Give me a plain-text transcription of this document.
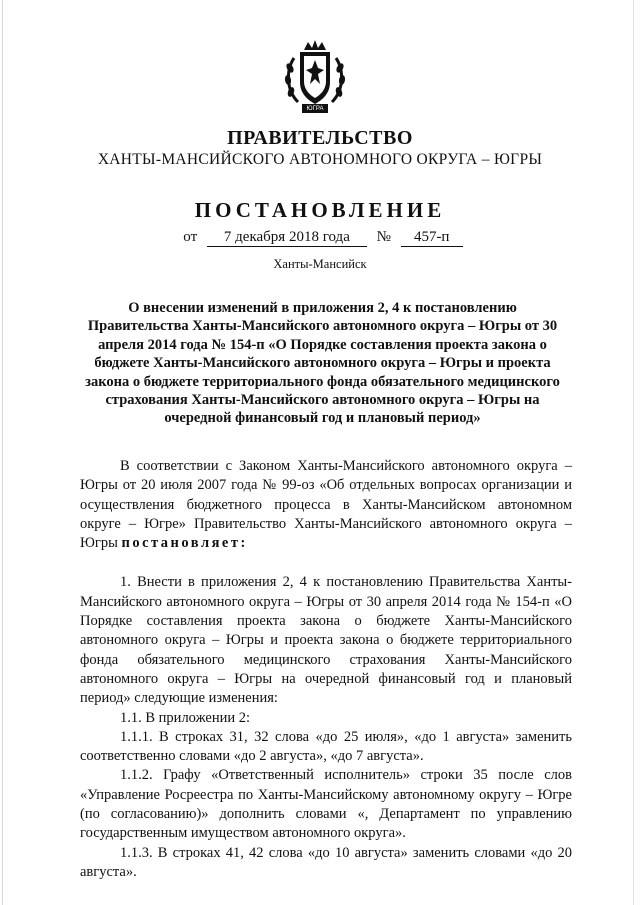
ЮГРА
ПРАВИТЕЛЬСТВО
ХАНТЫ-МАНСИЙСКОГО АВТОНОМНОГО ОКРУГА – ЮГРЫ
ПОСТАНОВЛЕНИЕ
от 7 декабря 2018 года № 457-п
Ханты-Мансийск
О внесении изменений в приложения 2, 4 к постановлению Правительства Ханты-Мансийского автономного округа – Югры от 30 апреля 2014 года № 154-п «О Порядке составления проекта закона о бюджете Ханты-Мансийского автономного округа – Югры и проекта закона о бюджете территориального фонда обязательного медицинского страхования Ханты-Мансийского автономного округа – Югры на очередной финансовый год и плановый период»

В соответствии с Законом Ханты-Мансийского автономного округа – Югры от 20 июля 2007 года № 99-оз «Об отдельных вопросах организации и осуществления бюджетного процесса в Ханты-Мансийском автономном округе – Югре» Правительство Ханты-Мансийского автономного округа – Югры постановляет:

1. Внести в приложения 2, 4 к постановлению Правительства Ханты-Мансийского автономного округа – Югры от 30 апреля 2014 года № 154-п «О Порядке составления проекта закона о бюджете Ханты-Мансийского автономного округа – Югры и проекта закона о бюджете территориального фонда обязательного медицинского страхования Ханты-Мансийского автономного округа – Югры на очередной финансовый год и плановый период» следующие изменения:

1.1. В приложении 2:

1.1.1. В строках 31, 32 слова «до 25 июля», «до 1 августа» заменить соответственно словами «до 2 августа», «до 7 августа».

1.1.2. Графу «Ответственный исполнитель» строки 35 после слов «Управление Росреестра по Ханты-Мансийскому автономному округу – Югре (по согласованию)» дополнить словами «, Департамент по управлению государственным имуществом автономного округа».

1.1.3. В строках 41, 42 слова «до 10 августа» заменить словами «до 20 августа».
